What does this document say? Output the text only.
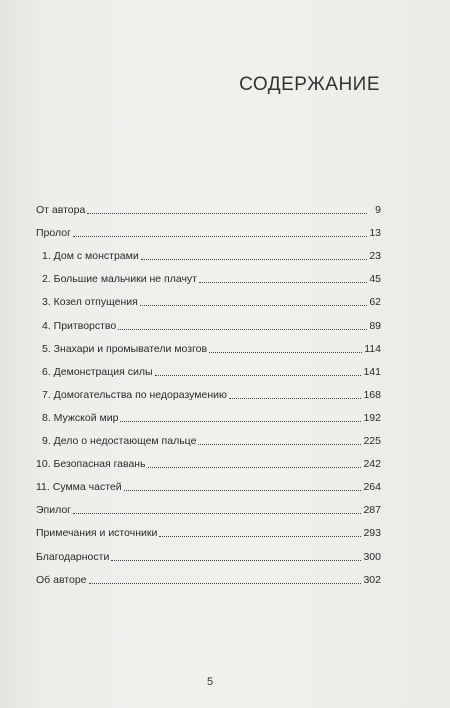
СОДЕРЖАНИЕ
От автора	9
Пролог	13
1. Дом с монстрами	23
2. Большие мальчики не плачут	45
3. Козел отпущения	62
4. Притворство	89
5. Знахари и промыватели мозгов	114
6. Демонстрация силы	141
7. Домогательства по недоразумению	168
8. Мужской мир	192
9. Дело о недостающем пальце	225
10. Безопасная гавань	242
11. Сумма частей	264
Эпилог	287
Примечания и источники	293
Благодарности	300
Об авторе	302
5
